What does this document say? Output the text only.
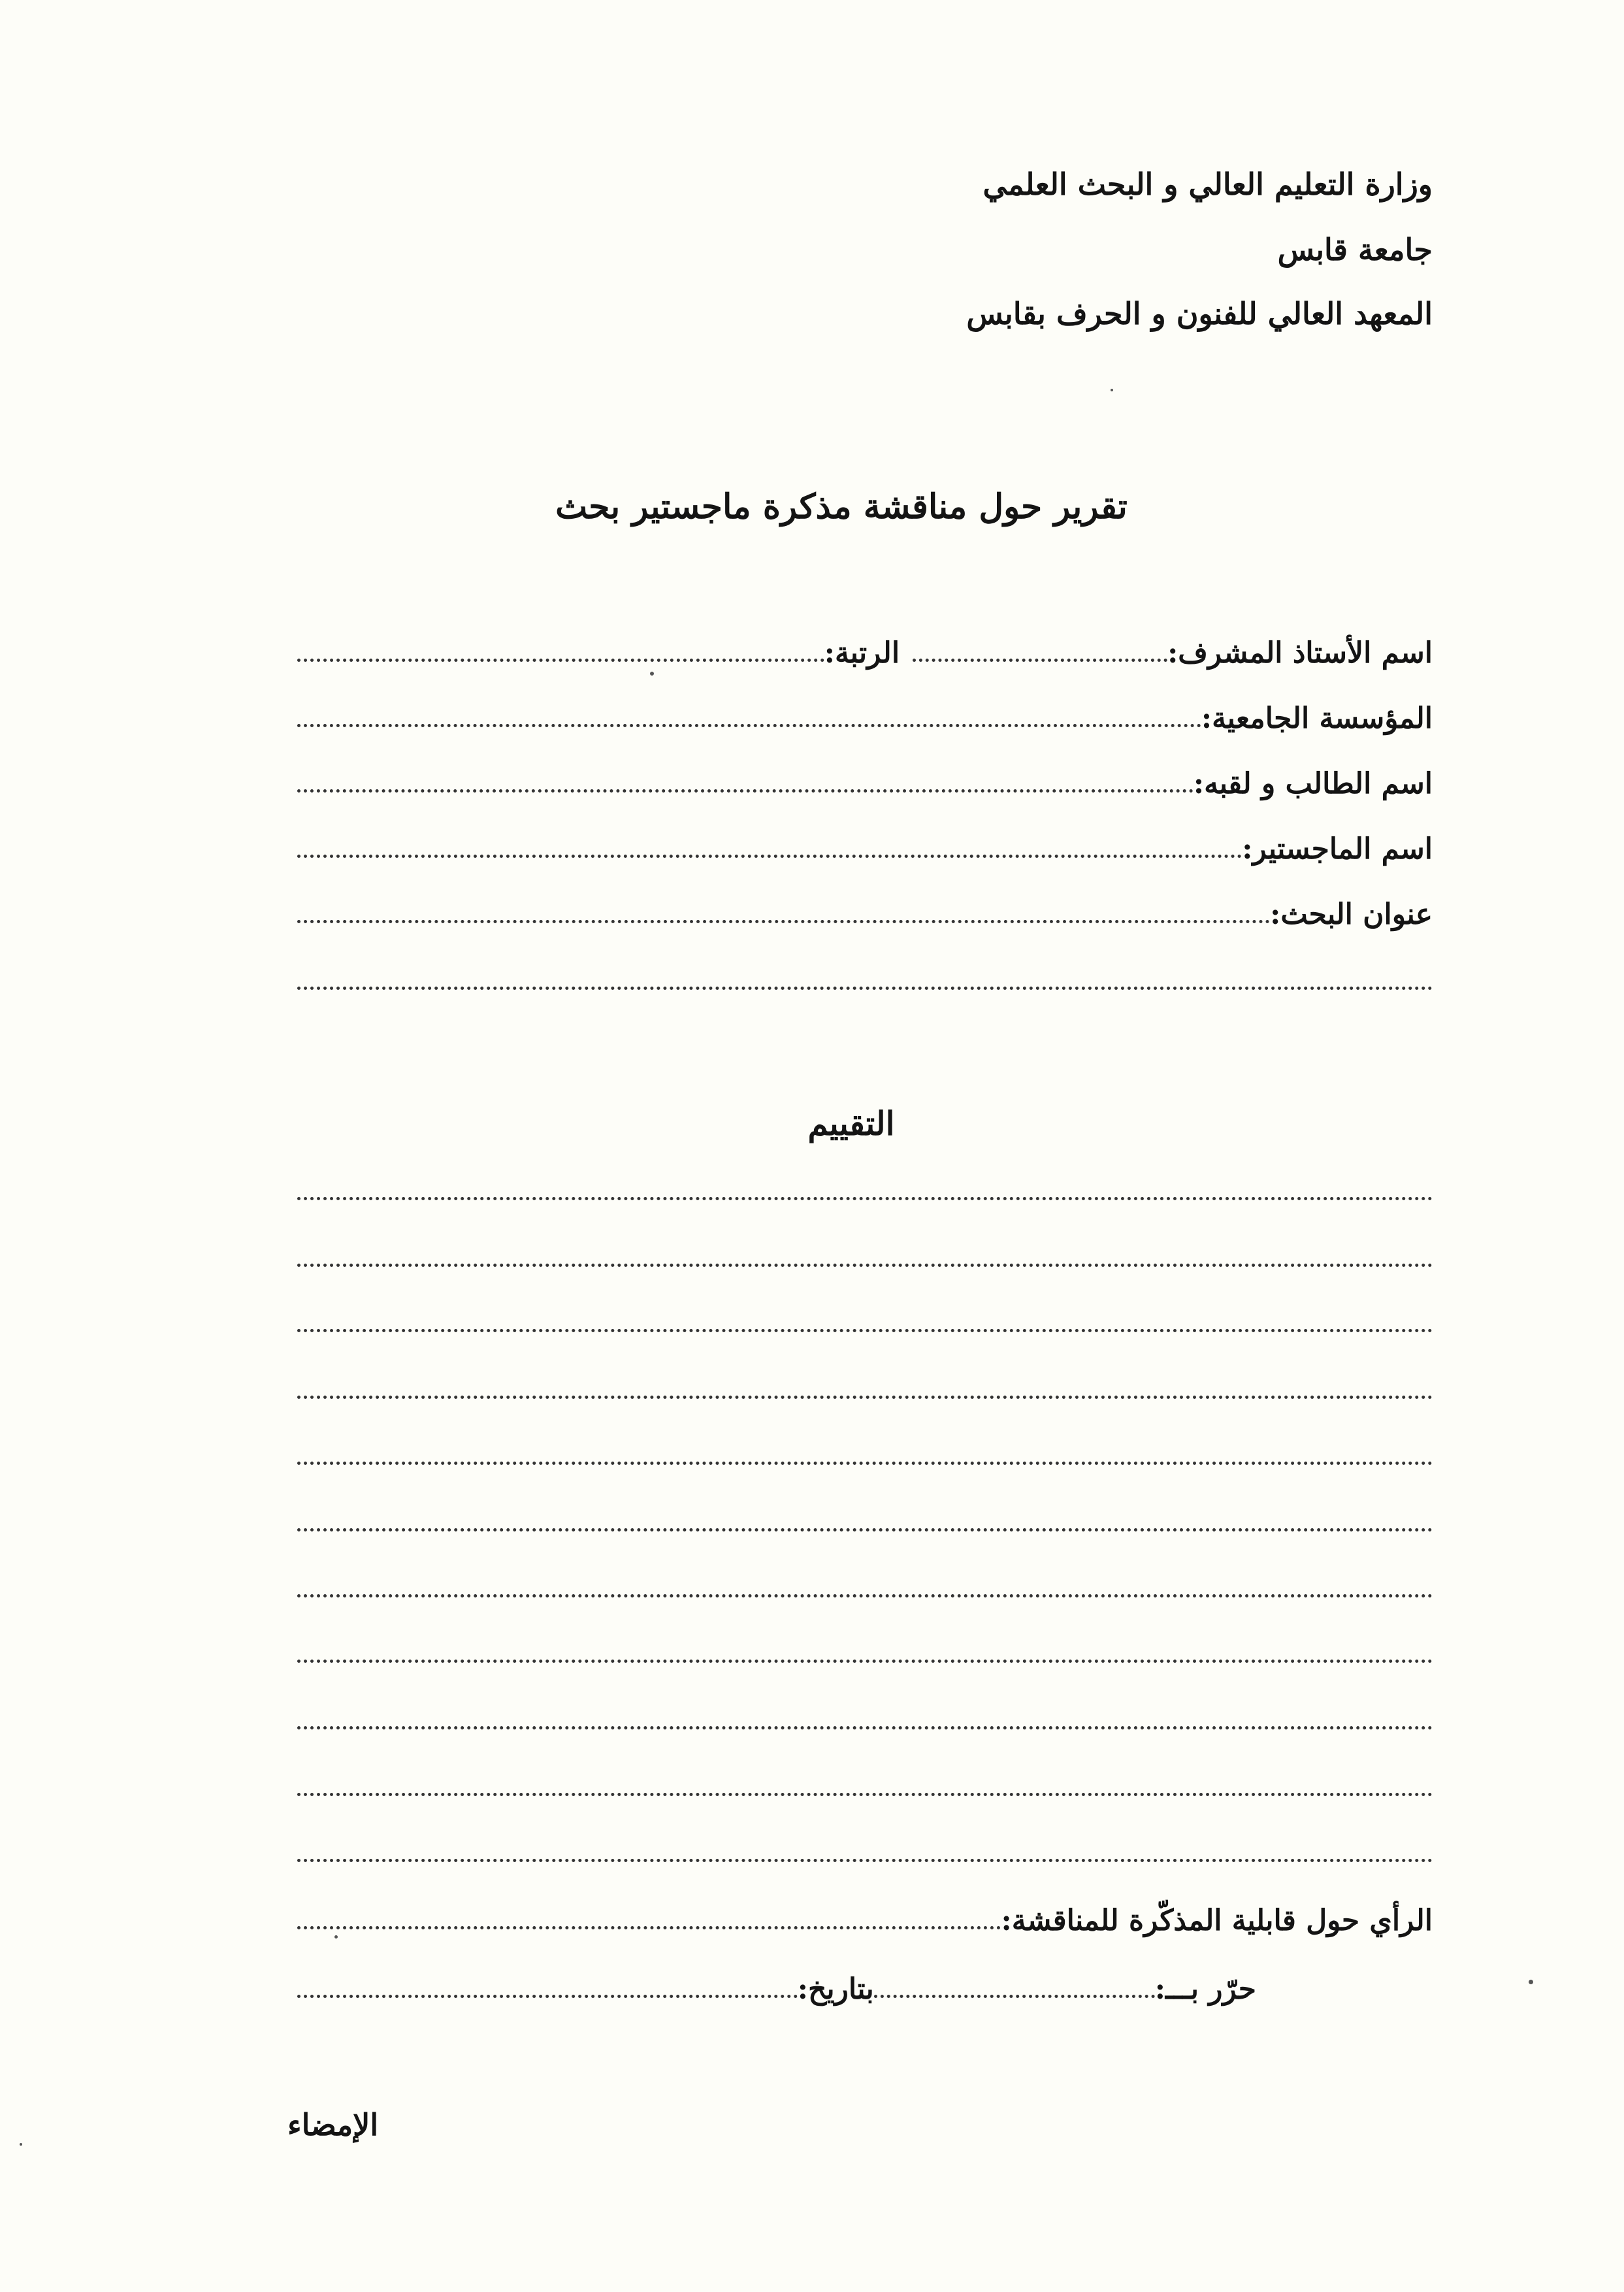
وزارة التعليم العالي و البحث العلمي
جامعة قابس
المعهد العالي للفنون و الحرف بقابس
تقرير حول مناقشة مذكرة ماجستير بحث
اسم الأستاذ المشرف:
الرتبة:
المؤسسة الجامعية:
اسم الطالب و لقبه:
اسم الماجستير:
عنوان البحث:
التقييم
الرأي حول قابلية المذكّرة للمناقشة:
حرّر بـــ:
بتاريخ:
الإمضاء
